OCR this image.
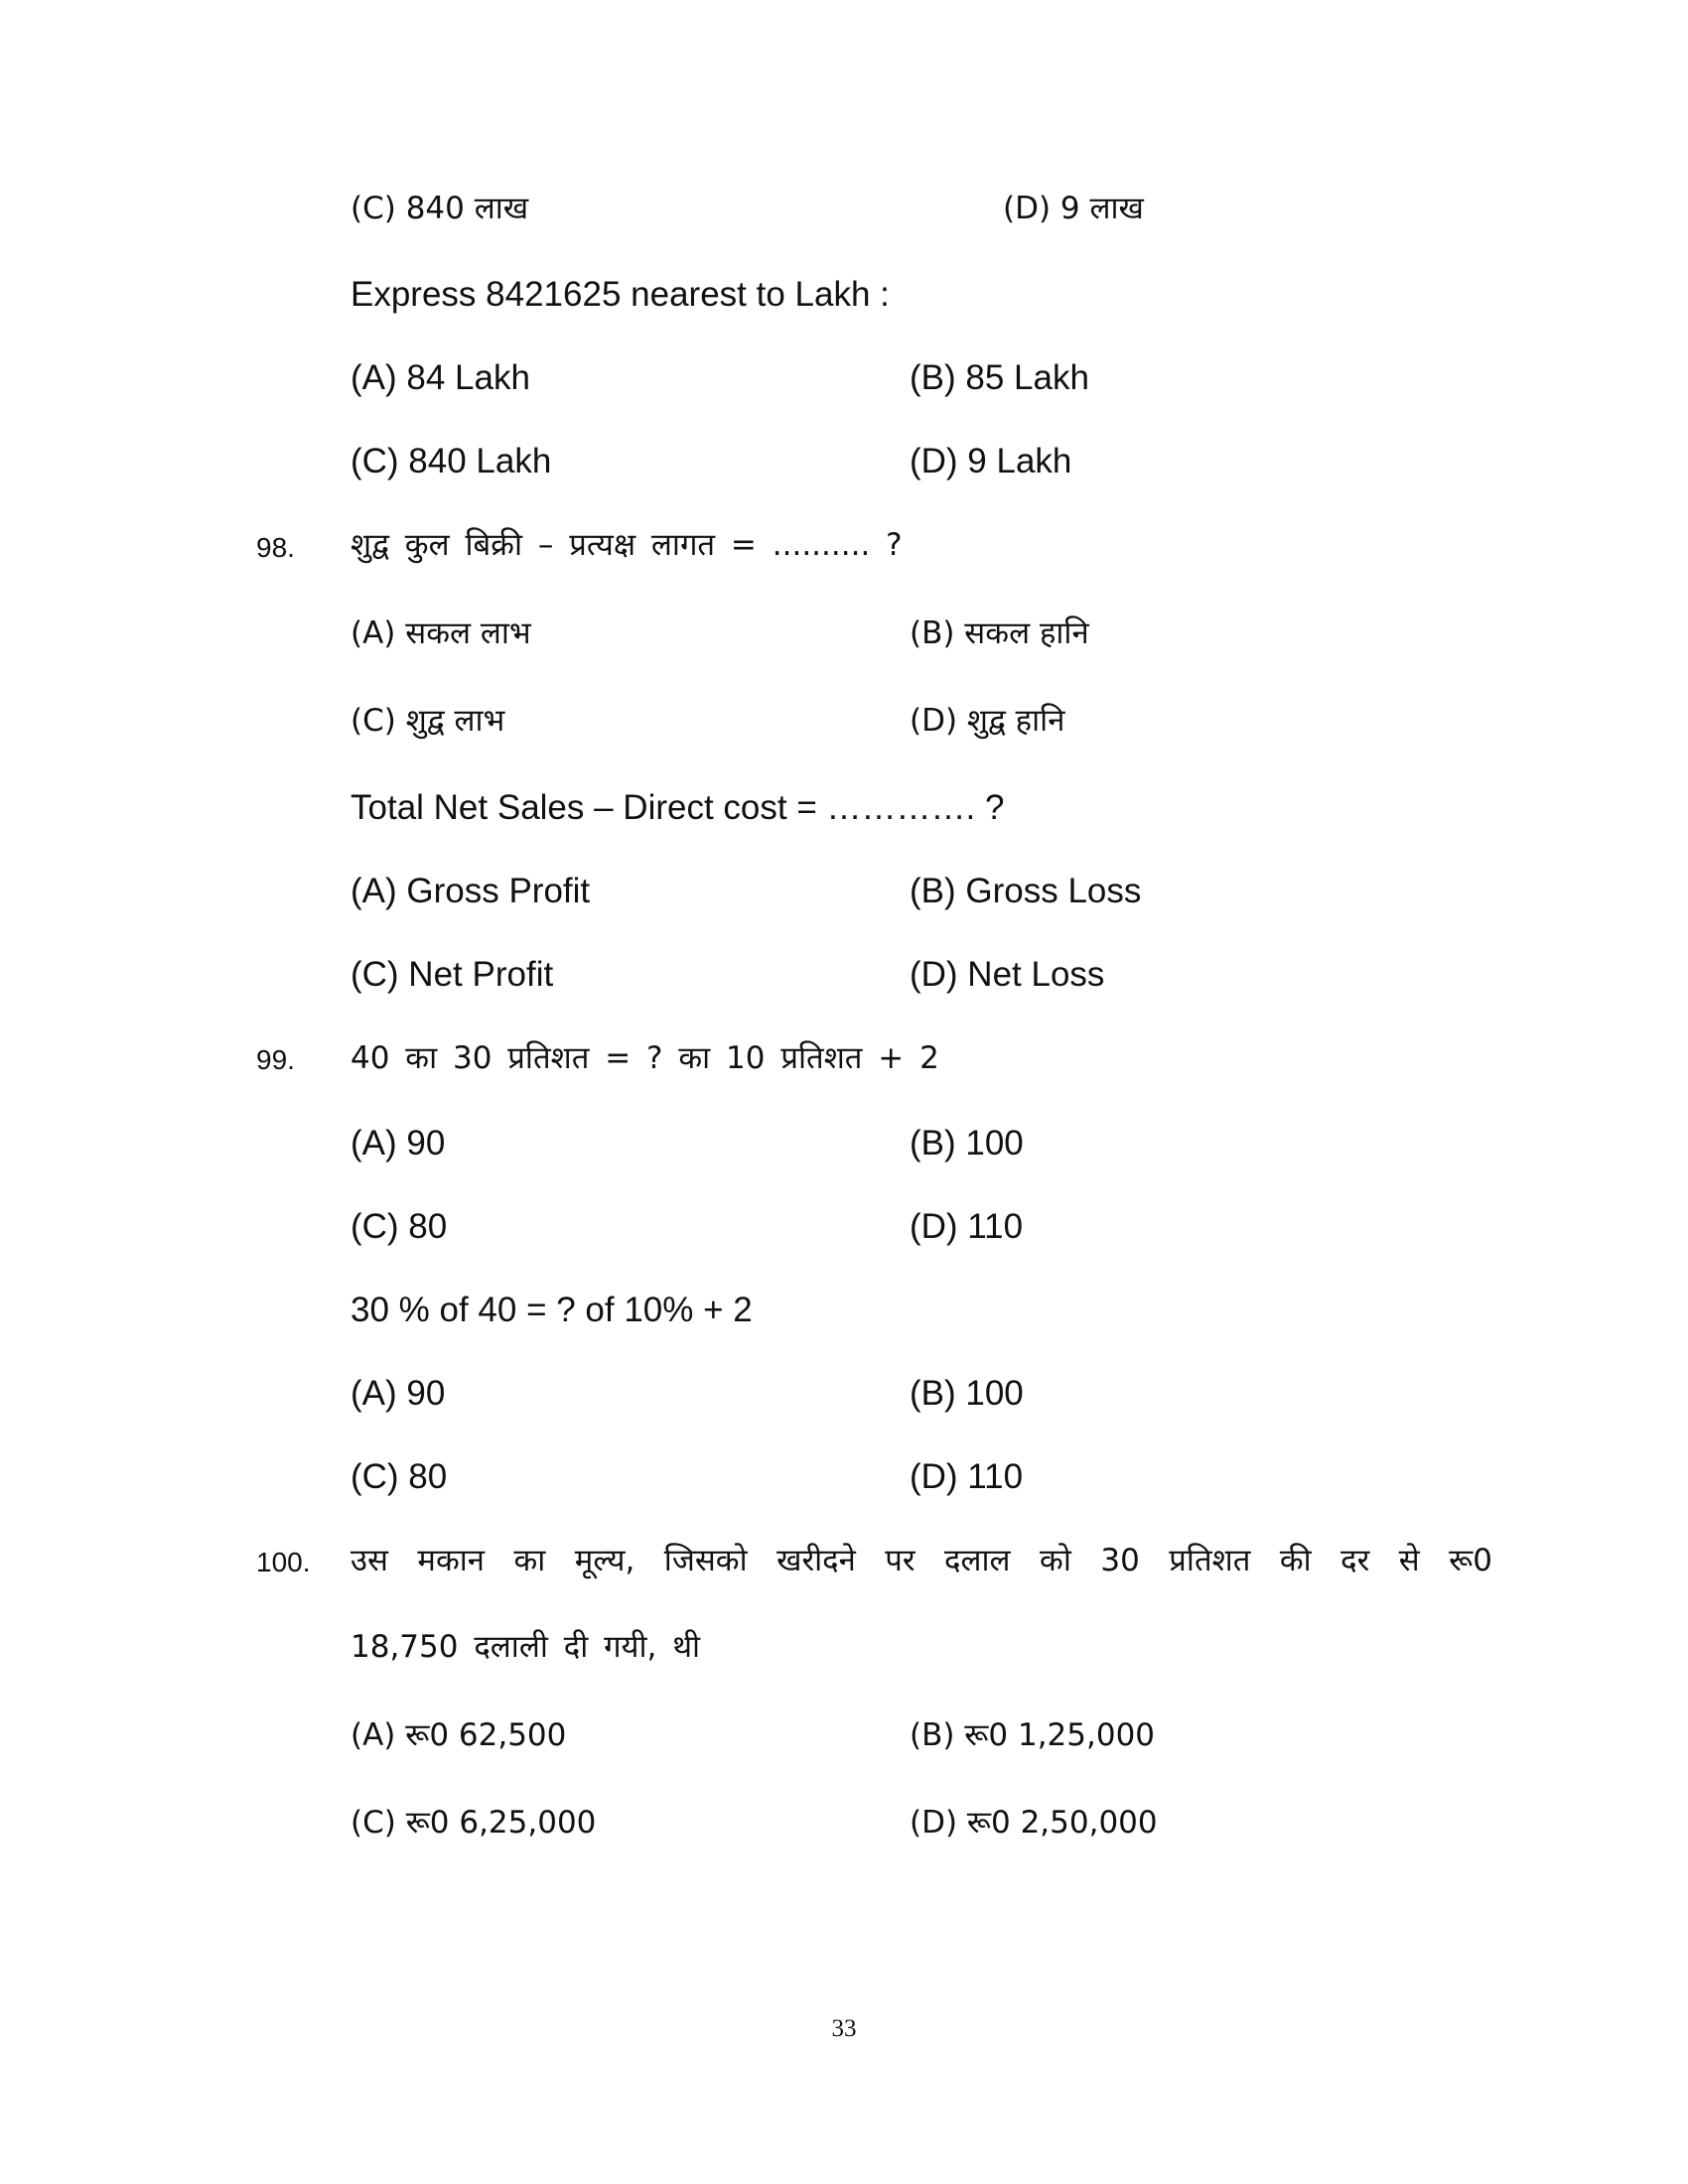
(C) 840 लाख	(D) 9 लाख
Express 8421625 nearest to Lakh :
(A) 84 Lakh	(B) 85 Lakh
(C) 840 Lakh	(D) 9 Lakh
98. शुद्व कुल बिक्री – प्रत्यक्ष लागत = .......... ?
(A) सकल लाभ	(B) सकल हानि
(C) शुद्व लाभ	(D) शुद्व हानि
Total Net Sales – Direct cost = …………. ?
(A) Gross Profit	(B) Gross Loss
(C) Net Profit	(D) Net Loss
99. 40 का 30 प्रतिशत = ? का 10 प्रतिशत + 2
(A) 90	(B) 100
(C) 80	(D) 110
30 % of 40 = ? of 10% + 2
(A) 90	(B) 100
(C) 80	(D) 110
100. उस मकान का मूल्य, जिसको खरीदने पर दलाल को 30 प्रतिशत की दर से रू0
18,750 दलाली दी गयी, थी
(A) रू0 62,500	(B) रू0 1,25,000
(C) रू0 6,25,000	(D) रू0 2,50,000
33
